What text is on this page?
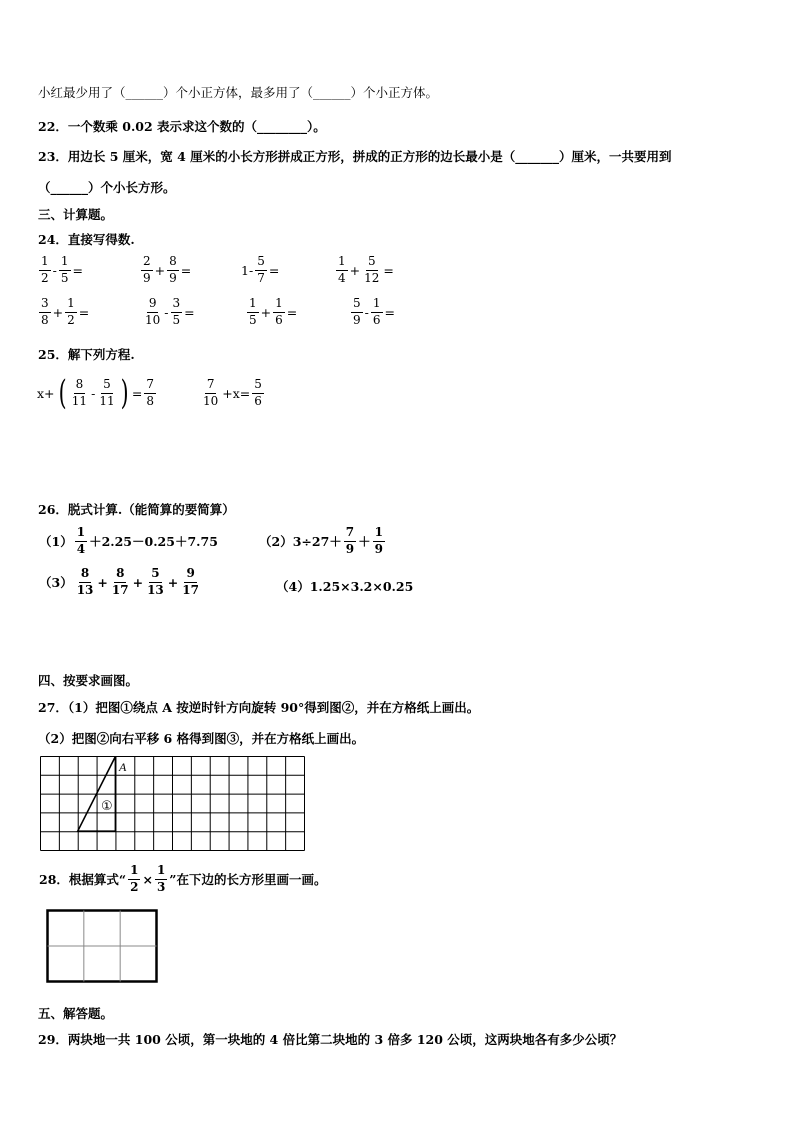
小红最少用了（______）个小正方体，最多用了（______）个小正方体。
22．一个数乘 0.02 表示求这个数的（________）。
23．用边长 5 厘米，宽 4 厘米的小长方形拼成正方形，拼成的正方形的边长最小是（_______）厘米，一共要用到
（______）个小长方形。
三、计算题。
24．直接写得数.
$\frac{1}{2} - \frac{1}{5}$ =	$\frac{2}{9} + \frac{8}{9}$ =	$1- \frac{5}{7}$ =	$\frac{1}{4} + \frac{5}{12}$ =
$\frac{3}{8} + \frac{1}{2}$ =	$\frac{9}{10} - \frac{3}{5}$ =	$\frac{1}{5} + \frac{1}{6}$ =	$\frac{5}{9} - \frac{1}{6}$ =
25．解下列方程.
x+ ( $\frac{8}{11} - \frac{5}{11}$ ) = $\frac{7}{8}$	$\frac{7}{10} +x= \frac{5}{6}$
26．脱式计算.（能简算的要简算）
$(1) \frac{1}{4} +2.25-0.25+7.75$	$(2)3\div 27+ \frac{7}{9} + \frac{1}{9}$
$(3) \frac{8}{13} + \frac{8}{17} + \frac{5}{13} + \frac{9}{17}$	（4）1.25×3.2×0.25
四、按要求画图。
27．（1）把图①绕点 A 按逆时针方向旋转 90°得到图②，并在方格纸上画出。
（2）把图②向右平移 6 格得到图③，并在方格纸上画出。
A
①
28．根据算式“ $\frac{1}{2} \times \frac{1}{3}$ ”在下边的长方形里画一画。
五、解答题。
29．两块地一共 100 公顷，第一块地的 4 倍比第二块地的 3 倍多 120 公顷，这两块地各有多少公顷？
